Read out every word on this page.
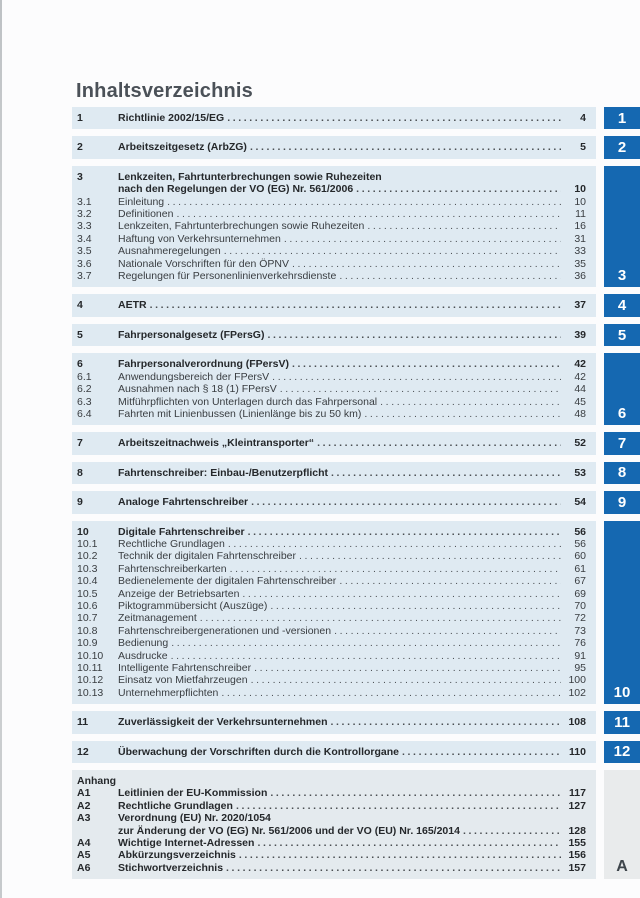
Inhaltsverzeichnis
1	Richtlinie 2002/15/EG .....	4
2	Arbeitszeitgesetz (ArbZG) .....	5
3	Lenkzeiten, Fahrtunterbrechungen sowie Ruhezeiten
nach den Regelungen der VO (EG) Nr. 561/2006 .....	10
3.1	Einleitung .....	10
3.2	Definitionen .....	11
3.3	Lenkzeiten, Fahrtunterbrechungen sowie Ruhezeiten .....	16
3.4	Haftung von Verkehrsunternehmen .....	31
3.5	Ausnahmeregelungen .....	33
3.6	Nationale Vorschriften für den ÖPNV .....	35
3.7	Regelungen für Personenlinienverkehrsdienste .....	36
4	AETR .....	37
5	Fahrpersonalgesetz (FPersG) .....	39
6	Fahrpersonalverordnung (FPersV) .....	42
6.1	Anwendungsbereich der FPersV .....	42
6.2	Ausnahmen nach § 18 (1) FPersV .....	44
6.3	Mitführpflichten von Unterlagen durch das Fahrpersonal .....	45
6.4	Fahrten mit Linienbussen (Linienlänge bis zu 50 km) .....	48
7	Arbeitszeitnachweis „Kleintransporter“ .....	52
8	Fahrtenschreiber: Einbau-/Benutzerpflicht .....	53
9	Analoge Fahrtenschreiber .....	54
10	Digitale Fahrtenschreiber .....	56
10.1	Rechtliche Grundlagen .....	56
10.2	Technik der digitalen Fahrtenschreiber .....	60
10.3	Fahrtenschreiberkarten .....	61
10.4	Bedienelemente der digitalen Fahrtenschreiber .....	67
10.5	Anzeige der Betriebsarten .....	69
10.6	Piktogrammübersicht (Auszüge) .....	70
10.7	Zeitmanagement .....	72
10.8	Fahrtenschreibergenerationen und -versionen .....	73
10.9	Bedienung .....	76
10.10	Ausdrucke .....	91
10.11	Intelligente Fahrtenschreiber .....	95
10.12	Einsatz von Mietfahrzeugen .....	100
10.13	Unternehmerpflichten .....	102
11	Zuverlässigkeit der Verkehrsunternehmen .....	108
12	Überwachung der Vorschriften durch die Kontrollorgane .....	110
Anhang
A1	Leitlinien der EU-Kommission .....	117
A2	Rechtliche Grundlagen .....	127
A3	Verordnung (EU) Nr. 2020/1054
zur Änderung der VO (EG) Nr. 561/2006 und der VO (EU) Nr. 165/2014 .....	128
A4	Wichtige Internet-Adressen .....	155
A5	Abkürzungsverzeichnis .....	156
A6	Stichwortverzeichnis .....	157
1
2
3
4
5
6
7
8
9
10
11
12
A
